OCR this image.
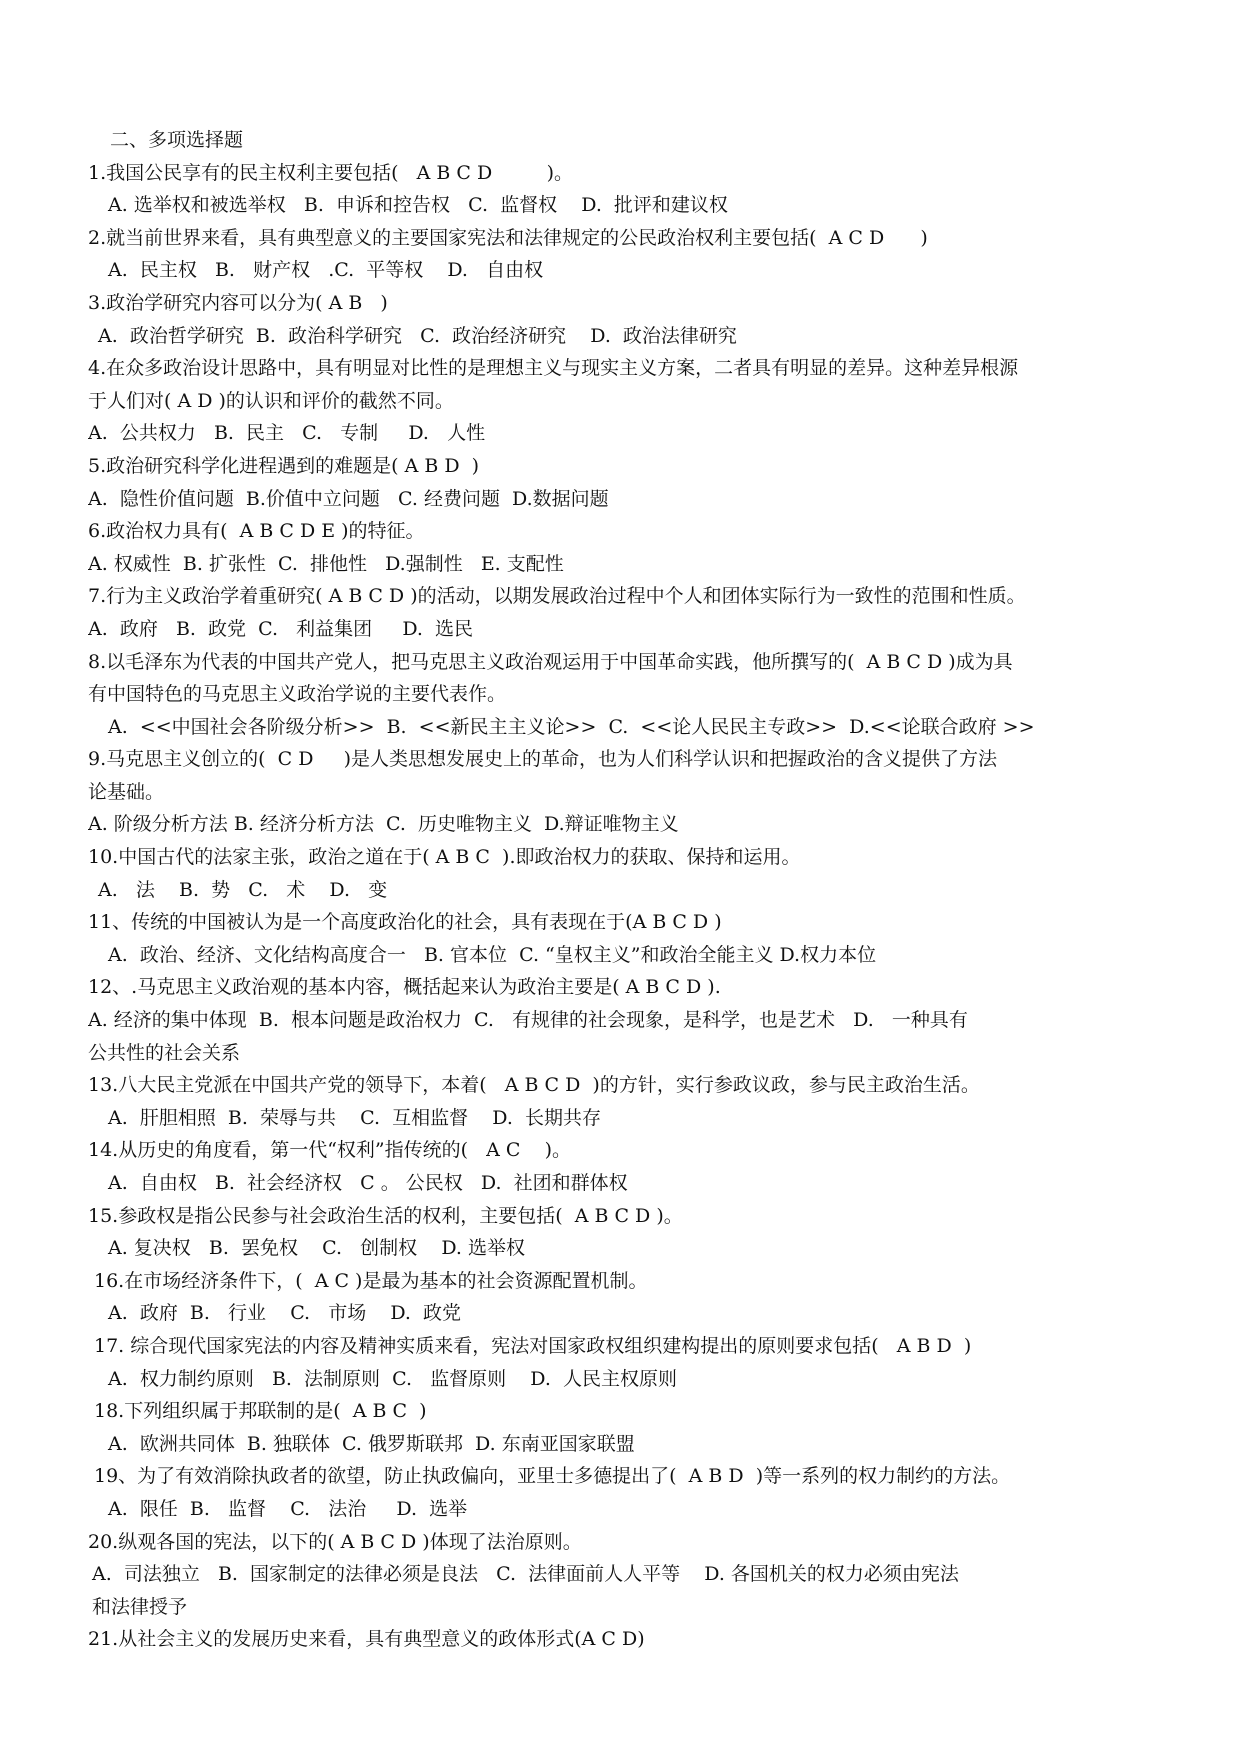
二、多项选择题
1.我国公民享有的民主权利主要包括(   A B C D         )。
A. 选举权和被选举权   B.  申诉和控告权   C.  监督权    D.  批评和建议权
2.就当前世界来看，具有典型意义的主要国家宪法和法律规定的公民政治权利主要包括(  A C D      )
A.  民主权   B.   财产权   .C.  平等权    D.   自由权
3.政治学研究内容可以分为( A B   )
A.  政治哲学研究  B.  政治科学研究   C.  政治经济研究    D.  政治法律研究
4.在众多政治设计思路中，具有明显对比性的是理想主义与现实主义方案，二者具有明显的差异。这种差异根源
于人们对( A D )的认识和评价的截然不同。
A.  公共权力   B.  民主   C.   专制     D.   人性
5.政治研究科学化进程遇到的难题是( A B D  )
A.  隐性价值问题  B.价值中立问题   C. 经费问题  D.数据问题
6.政治权力具有(  A B C D E )的特征。
A. 权威性  B. 扩张性  C.  排他性   D.强制性   E. 支配性
7.行为主义政治学着重研究( A B C D )的活动，以期发展政治过程中个人和团体实际行为一致性的范围和性质。
A.  政府   B.  政党  C.   利益集团     D.  选民
8.以毛泽东为代表的中国共产党人，把马克思主义政治观运用于中国革命实践，他所撰写的(  A B C D )成为具
有中国特色的马克思主义政治学说的主要代表作。
A.  <<中国社会各阶级分析>>  B.  <<新民主主义论>>  C.  <<论人民民主专政>>  D.<<论联合政府 >>
9.马克思主义创立的(  C D     )是人类思想发展史上的革命，也为人们科学认识和把握政治的含义提供了方法
论基础。
A. 阶级分析方法 B. 经济分析方法  C.  历史唯物主义  D.辩证唯物主义
10.中国古代的法家主张，政治之道在于( A B C  ).即政治权力的获取、保持和运用。
A.   法    B.  势   C.   术    D.   变
11、传统的中国被认为是一个高度政治化的社会，具有表现在于(A B C D )
A.  政治、经济、文化结构高度合一   B. 官本位  C. “皇权主义”和政治全能主义 D.权力本位
12、.马克思主义政治观的基本内容，概括起来认为政治主要是( A B C D ).
A. 经济的集中体现  B.  根本问题是政治权力  C.   有规律的社会现象，是科学，也是艺术   D.   一种具有
公共性的社会关系
13.八大民主党派在中国共产党的领导下，本着(   A B C D  )的方针，实行参政议政，参与民主政治生活。
A.  肝胆相照  B.  荣辱与共    C.  互相监督    D.  长期共存
14.从历史的角度看，第一代“权利”指传统的(   A C    )。
A.  自由权   B.  社会经济权   C 。 公民权   D.  社团和群体权
15.参政权是指公民参与社会政治生活的权利，主要包括(  A B C D )。
A. 复决权   B.  罢免权    C.   创制权    D. 选举权
16.在市场经济条件下，(  A C )是最为基本的社会资源配置机制。
A.  政府  B.   行业    C.   市场    D.  政党
17. 综合现代国家宪法的内容及精神实质来看，宪法对国家政权组织建构提出的原则要求包括(   A B D  )
A.  权力制约原则   B.  法制原则  C.   监督原则    D.  人民主权原则
18.下列组织属于邦联制的是(  A B C  )
A.  欧洲共同体  B. 独联体  C. 俄罗斯联邦  D. 东南亚国家联盟
19、为了有效消除执政者的欲望，防止执政偏向，亚里士多德提出了(  A B D  )等一系列的权力制约的方法。
A.  限任  B.   监督    C.   法治     D.  选举
20.纵观各国的宪法，以下的( A B C D )体现了法治原则。
A.  司法独立   B.  国家制定的法律必须是良法   C.  法律面前人人平等    D. 各国机关的权力必须由宪法
和法律授予
21.从社会主义的发展历史来看，具有典型意义的政体形式(A C D)
